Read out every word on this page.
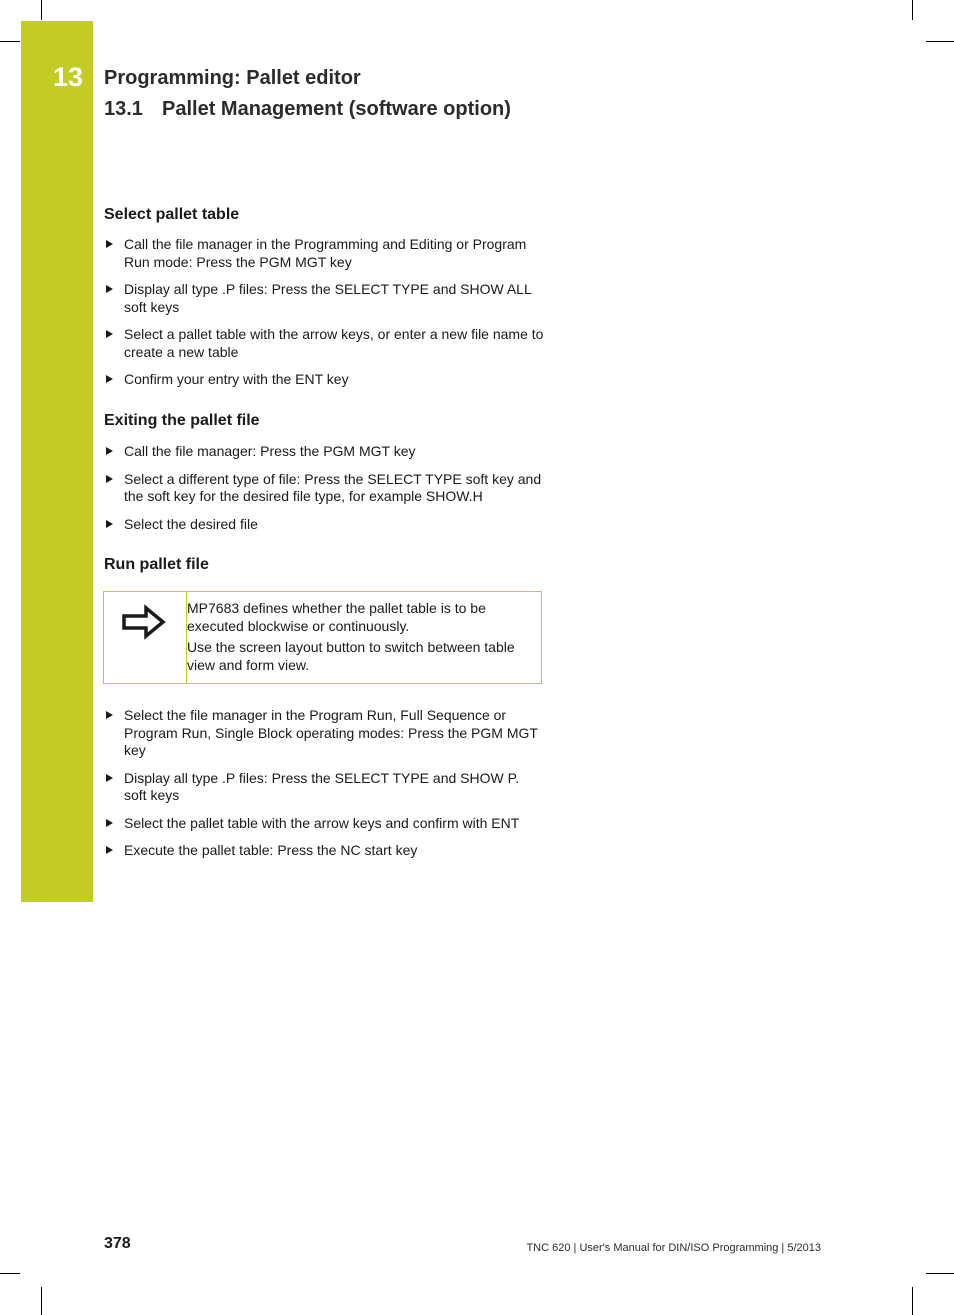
13 Programming: Pallet editor
13.1 Pallet Management (software option)
Select pallet table
Call the file manager in the Programming and Editing or Program Run mode: Press the PGM MGT key
Display all type .P files: Press the SELECT TYPE and SHOW ALL soft keys
Select a pallet table with the arrow keys, or enter a new file name to create a new table
Confirm your entry with the ENT key
Exiting the pallet file
Call the file manager: Press the PGM MGT key
Select a different type of file: Press the SELECT TYPE soft key and the soft key for the desired file type, for example SHOW.H
Select the desired file
Run pallet file

MP7683 defines whether the pallet table is to be executed blockwise or continuously.

Use the screen layout button to switch between table view and form view.

Select the file manager in the Program Run, Full Sequence or Program Run, Single Block operating modes: Press the PGM MGT key
Display all type .P files: Press the SELECT TYPE and SHOW P. soft keys
Select the pallet table with the arrow keys and confirm with ENT
Execute the pallet table: Press the NC start key
378	TNC 620 | User's Manual for DIN/ISO Programming | 5/2013
